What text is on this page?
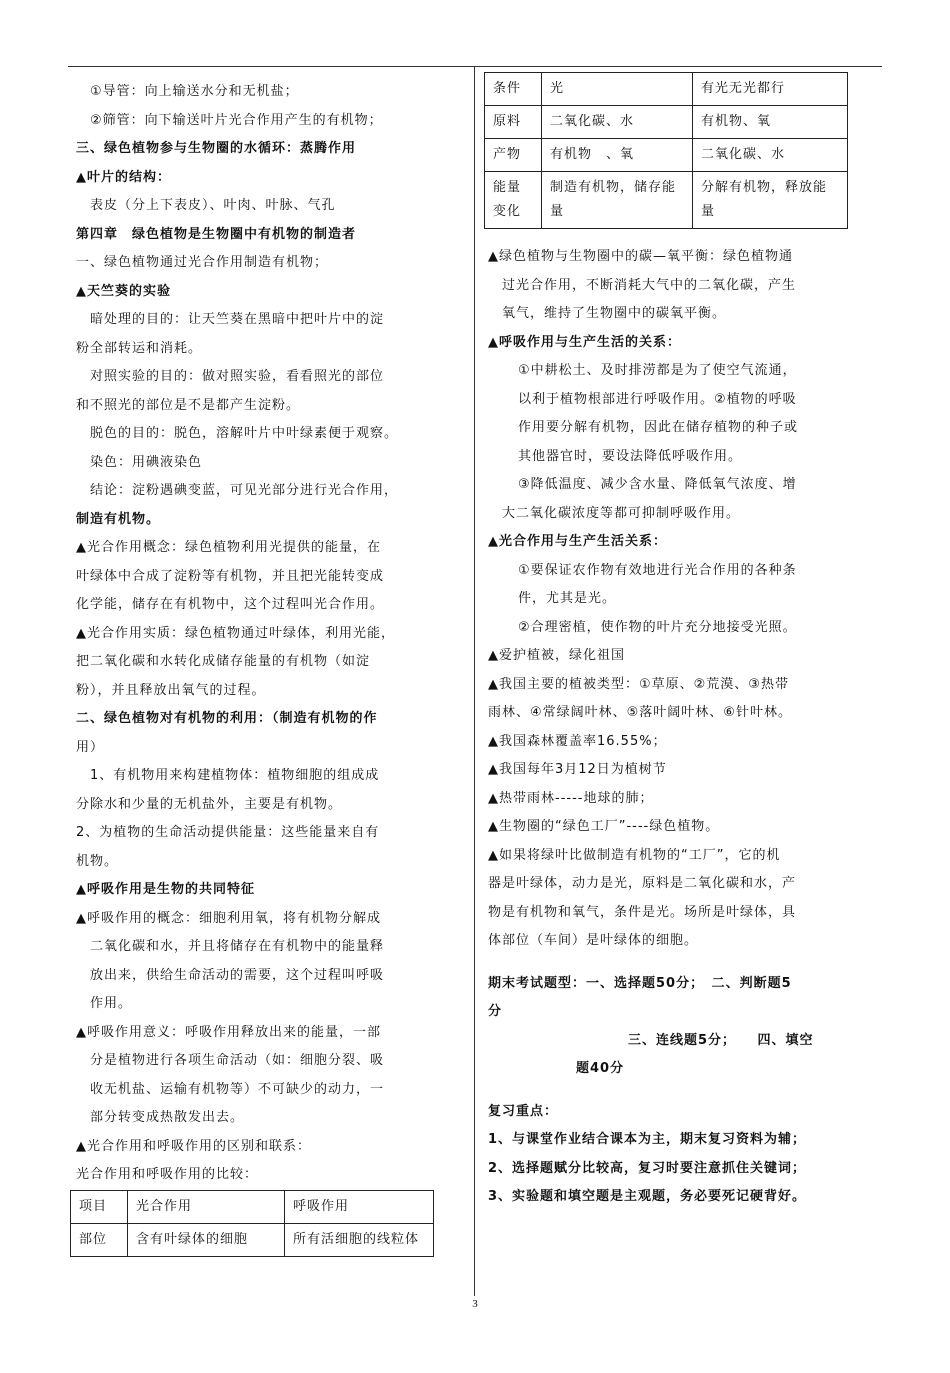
①导管：向上输送水分和无机盐；
②筛管：向下输送叶片光合作用产生的有机物；
三、绿色植物参与生物圈的水循环：蒸腾作用
▲叶片的结构：
表皮（分上下表皮）、叶肉、叶脉、气孔
第四章　绿色植物是生物圈中有机物的制造者
一、绿色植物通过光合作用制造有机物；
▲天竺葵的实验
暗处理的目的：让天竺葵在黑暗中把叶片中的淀
粉全部转运和消耗。
对照实验的目的：做对照实验，看看照光的部位
和不照光的部位是不是都产生淀粉。
脱色的目的：脱色，溶解叶片中叶绿素便于观察。
染色：用碘液染色
结论：淀粉遇碘变蓝，可见光部分进行光合作用，
制造有机物。
▲光合作用概念：绿色植物利用光提供的能量，在
叶绿体中合成了淀粉等有机物，并且把光能转变成
化学能，储存在有机物中，这个过程叫光合作用。
▲光合作用实质：绿色植物通过叶绿体，利用光能，
把二氧化碳和水转化成储存能量的有机物（如淀
粉），并且释放出氧气的过程。
二、绿色植物对有机物的利用：（制造有机物的作
用）
1、有机物用来构建植物体：植物细胞的组成成
分除水和少量的无机盐外，主要是有机物。
2、为植物的生命活动提供能量：这些能量来自有
机物。
▲呼吸作用是生物的共同特征
▲呼吸作用的概念：细胞利用氧，将有机物分解成
二氧化碳和水，并且将储存在有机物中的能量释
放出来，供给生命活动的需要，这个过程叫呼吸
作用。
▲呼吸作用意义：呼吸作用释放出来的能量，一部
分是植物进行各项生命活动（如：细胞分裂、吸
收无机盐、运输有机物等）不可缺少的动力，一
部分转变成热散发出去。
▲光合作用和呼吸作用的区别和联系：
光合作用和呼吸作用的比较：
项目	光合作用	呼吸作用
部位	含有叶绿体的细胞	所有活细胞的线粒体
条件	光	有光无光都行
原料	二氧化碳、水	有机物、氧
产物	有机物　、氧	二氧化碳、水
能量变化	制造有机物，储存能量	分解有机物，释放能量
▲绿色植物与生物圈中的碳—氧平衡：绿色植物通
过光合作用，不断消耗大气中的二氧化碳，产生
氧气，维持了生物圈中的碳氧平衡。
▲呼吸作用与生产生活的关系：
①中耕松土、及时排涝都是为了使空气流通，
以利于植物根部进行呼吸作用。②植物的呼吸
作用要分解有机物，因此在储存植物的种子或
其他器官时，要设法降低呼吸作用。
③降低温度、减少含水量、降低氧气浓度、增
大二氧化碳浓度等都可抑制呼吸作用。
▲光合作用与生产生活关系：
①要保证农作物有效地进行光合作用的各种条
件，尤其是光。
②合理密植，使作物的叶片充分地接受光照。
▲爱护植被，绿化祖国
▲我国主要的植被类型：①草原、②荒漠、③热带
雨林、④常绿阔叶林、⑤落叶阔叶林、⑥针叶林。
▲我国森林覆盖率16.55%；
▲我国每年3月12日为植树节
▲热带雨林-----地球的肺；
▲生物圈的“绿色工厂”----绿色植物。
▲如果将绿叶比做制造有机物的“工厂”，它的机
器是叶绿体，动力是光，原料是二氧化碳和水，产
物是有机物和氧气，条件是光。场所是叶绿体，具
体部位（车间）是叶绿体的细胞。
期末考试题型：一、选择题50分；　二、判断题5
分
三、连线题5分；　　四、填空
题40分
复习重点：
1、与课堂作业结合课本为主，期末复习资料为辅；
2、选择题赋分比较高，复习时要注意抓住关键词；
3、实验题和填空题是主观题，务必要死记硬背好。
3
